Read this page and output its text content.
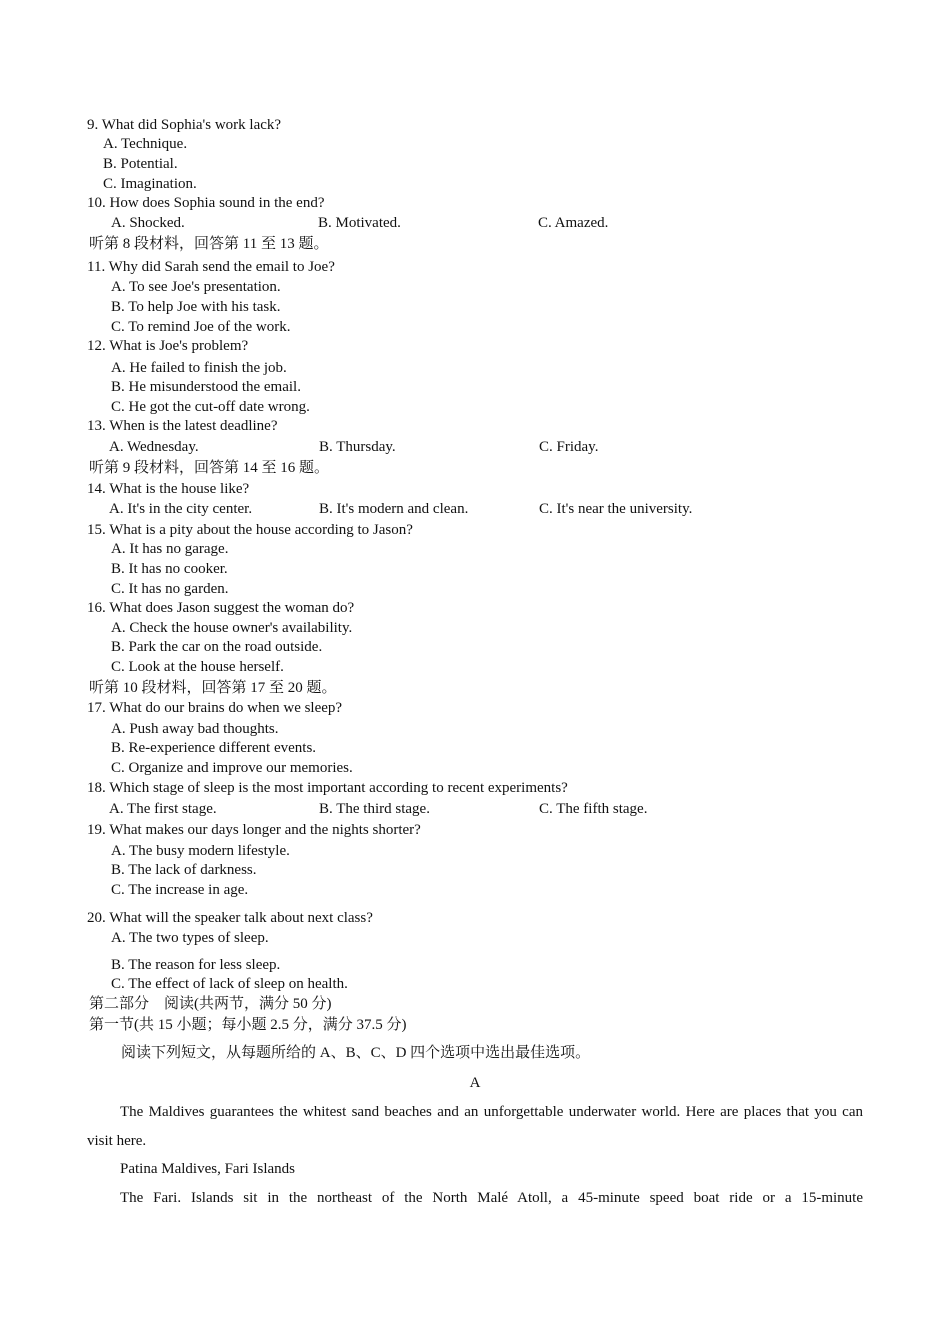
9. What did Sophia's work lack?
A. Technique.
B. Potential.
C. Imagination.
10. How does Sophia sound in the end?
A. Shocked.	B. Motivated.	C. Amazed.
听第 8 段材料，回答第 11 至 13 题。
11. Why did Sarah send the email to Joe?
A. To see Joe's presentation.
B. To help Joe with his task.
C. To remind Joe of the work.
12. What is Joe's problem?
A. He failed to finish the job.
B. He misunderstood the email.
C. He got the cut-off date wrong.
13. When is the latest deadline?
A. Wednesday.	B. Thursday.	C. Friday.
听第 9 段材料，回答第 14 至 16 题。
14. What is the house like?
A. It's in the city center.	B. It's modern and clean.	C. It's near the university.
15. What is a pity about the house according to Jason?
A. It has no garage.
B. It has no cooker.
C. It has no garden.
16. What does Jason suggest the woman do?
A. Check the house owner's availability.
B. Park the car on the road outside.
C. Look at the house herself.
听第 10 段材料，回答第 17 至 20 题。
17. What do our brains do when we sleep?
A. Push away bad thoughts.
B. Re-experience different events.
C. Organize and improve our memories.
18. Which stage of sleep is the most important according to recent experiments?
A. The first stage.	B. The third stage.	C. The fifth stage.
19. What makes our days longer and the nights shorter?
A. The busy modern lifestyle.
B. The lack of darkness.
C. The increase in age.
20. What will the speaker talk about next class?
A. The two types of sleep.
B. The reason for less sleep.
C. The effect of lack of sleep on health.
第二部分　阅读(共两节，满分 50 分)
第一节(共 15 小题；每小题 2.5 分，满分 37.5 分)
阅读下列短文，从每题所给的 A、B、C、D 四个选项中选出最佳选项。
A
The Maldives guarantees the whitest sand beaches and an unforgettable underwater world. Here are places that you can visit here.
Patina Maldives, Fari Islands
The Fari. Islands sit in the northeast of the North Malé Atoll, a 45-minute speed boat ride or a 15-minute
